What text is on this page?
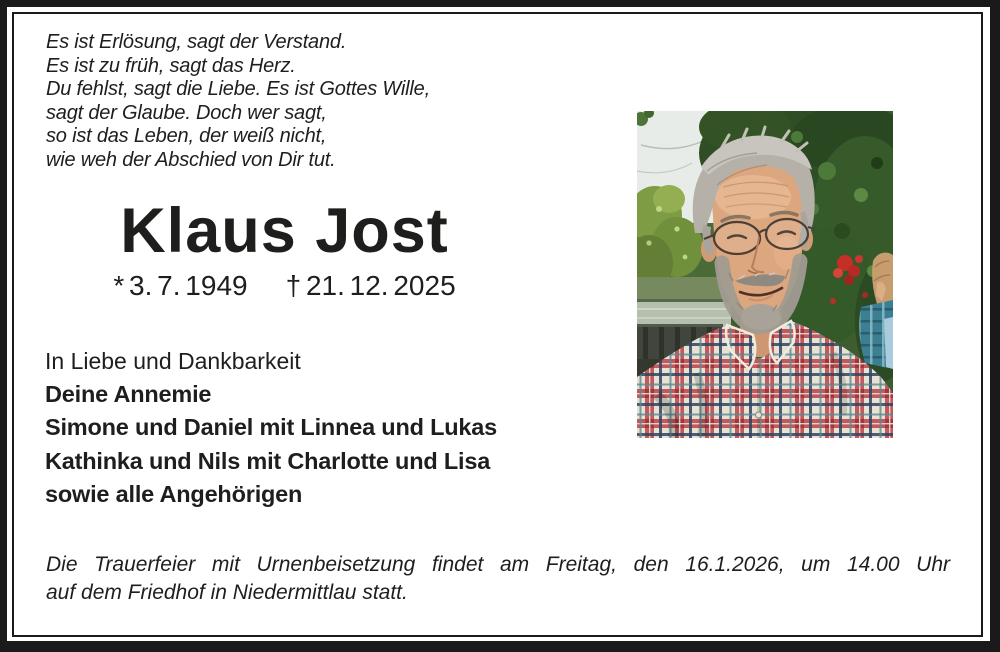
Es ist Erlösung, sagt der Verstand.
Es ist zu früh, sagt das Herz.
Du fehlst, sagt die Liebe. Es ist Gottes Wille,
sagt der Glaube. Doch wer sagt,
so ist das Leben, der weiß nicht,
wie weh der Abschied von Dir tut.
Klaus Jost
* 3. 7. 1949 † 21. 12. 2025
In Liebe und Dankbarkeit
Deine Annemie
Simone und Daniel mit Linnea und Lukas
Kathinka und Nils mit Charlotte und Lisa
sowie alle Angehörigen
Die Trauerfeier mit Urnenbeisetzung findet am Freitag, den 16.1.2026, um 14.00 Uhr
auf dem Friedhof in Niedermittlau statt.
